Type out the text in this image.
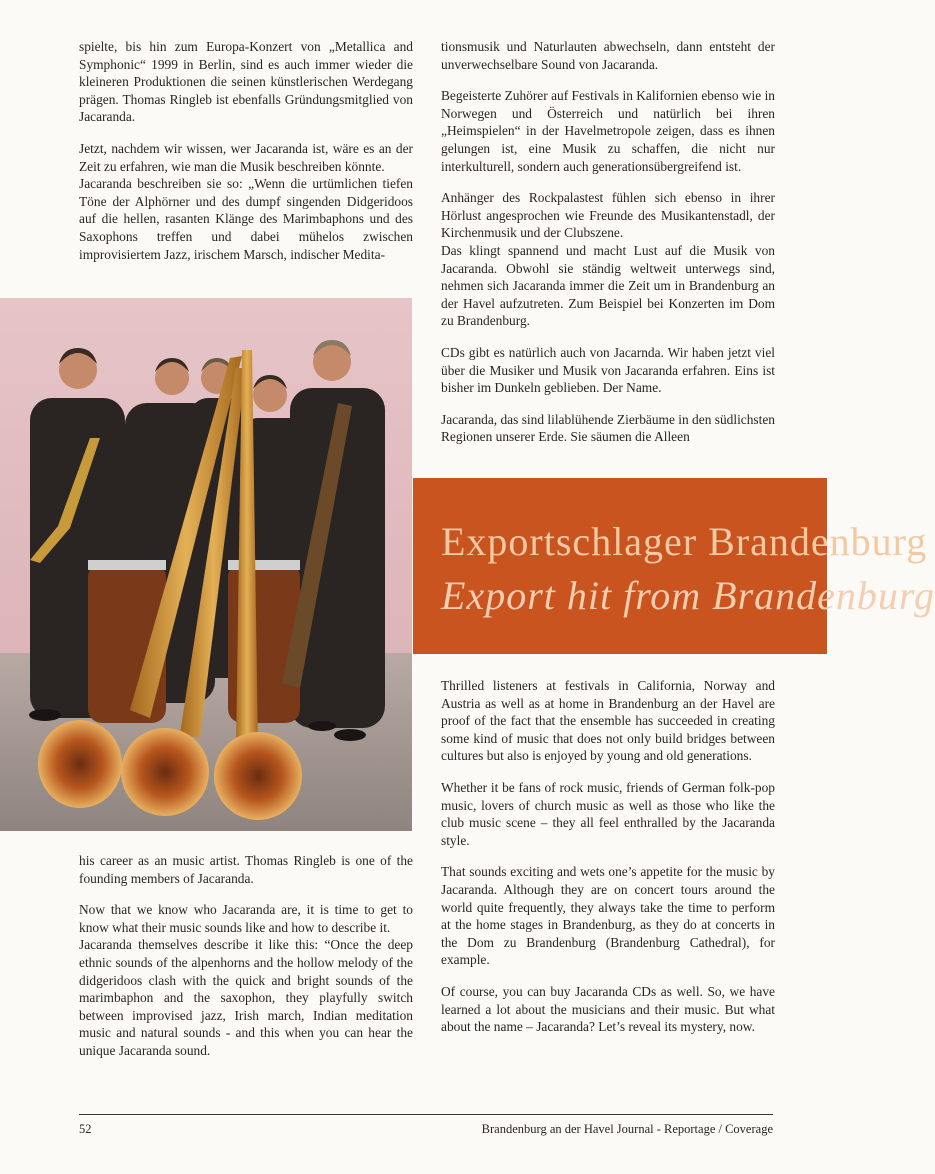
spielte, bis hin zum Europa-Konzert von „Metallica and Symphonic“ 1999 in Berlin, sind es auch immer wieder die kleineren Produktionen die seinen künstlerischen Werdegang prägen. Thomas Ringleb ist ebenfalls Gründungsmitglied von Jacaranda.

Jetzt, nachdem wir wissen, wer Jacaranda ist, wäre es an der Zeit zu erfahren, wie man die Musik beschreiben könnte.

Jacaranda beschreiben sie so: „Wenn die urtümlichen tiefen Töne der Alphörner und des dumpf singenden Didgeridoos auf die hellen, rasanten Klänge des Marimbaphons und des Saxophons treffen und dabei mühelos zwischen improvisiertem Jazz, irischem Marsch, indischer Medita-

tionsmusik und Naturlauten abwechseln, dann entsteht der unverwechselbare Sound von Jacaranda.

Begeisterte Zuhörer auf Festivals in Kalifornien ebenso wie in Norwegen und Österreich und natürlich bei ihren „Heimspielen“ in der Havelmetropole zeigen, dass es ihnen gelungen ist, eine Musik zu schaffen, die nicht nur interkulturell, sondern auch generationsübergreifend ist.

Anhänger des Rockpalastest fühlen sich ebenso in ihrer Hörlust angesprochen wie Freunde des Musikantenstadl, der Kirchenmusik und der Clubszene.

Das klingt spannend und macht Lust auf die Musik von Jacaranda. Obwohl sie ständig weltweit unterwegs sind, nehmen sich Jacaranda immer die Zeit um in Brandenburg an der Havel aufzutreten. Zum Beispiel bei Konzerten im Dom zu Brandenburg.

CDs gibt es natürlich auch von Jacarnda. Wir haben jetzt viel über die Musiker und Musik von Jacaranda erfahren. Eins ist bisher im Dunkeln geblieben. Der Name.

Jacaranda, das sind lilablühende Zierbäume in den südlichsten Regionen unserer Erde. Sie säumen die Alleen

Exportschlager Brandenburg
Export hit from Brandenburg

his career as an music artist. Thomas Ringleb is one of the founding members of Jacaranda.

Now that we know who Jacaranda are, it is time to get to know what their music sounds like and how to describe it.

Jacaranda themselves describe it like this: “Once the deep ethnic sounds of the alpenhorns and the hollow melody of the didgeridoos clash with the quick and bright sounds of the marimbaphon and the saxophon, they playfully switch between improvised jazz, Irish march, Indian meditation music and natural sounds - and this when you can hear the unique Jacaranda sound.

Thrilled listeners at festivals in California, Norway and Austria as well as at home in Brandenburg an der Havel are proof of the fact that the ensemble has succeeded in creating some kind of music that does not only build bridges between cultures but also is enjoyed by young and old generations.

Whether it be fans of rock music, friends of German folk-pop music, lovers of church music as well as those who like the club music scene – they all feel enthralled by the Jacaranda style.

That sounds exciting and wets one’s appetite for the music by Jacaranda. Although they are on concert tours around the world quite frequently, they always take the time to perform at the home stages in Brandenburg, as they do at concerts in the Dom zu Brandenburg (Brandenburg Cathedral), for example.

Of course, you can buy Jacaranda CDs as well. So, we have learned a lot about the musicians and their music. But what about the name – Jacaranda? Let’s reveal its mystery, now.

52	Brandenburg an der Havel Journal - Reportage / Coverage
